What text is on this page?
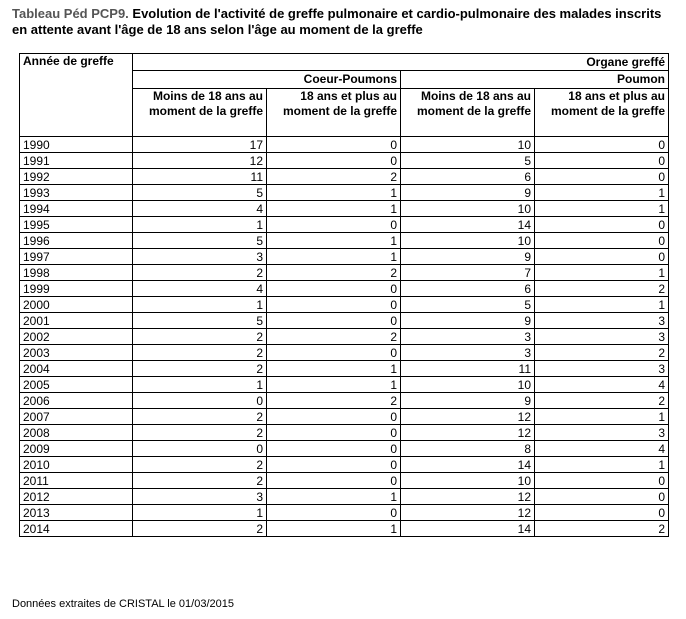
Tableau Péd PCP9. Evolution de l'activité de greffe pulmonaire et cardio-pulmonaire des malades inscrits en attente avant l'âge de 18 ans selon l'âge au moment de la greffe
Année de greffe	Organe greffé			
	Coeur-Poumons		Poumon	
	Moins de 18 ans au moment de la greffe	18 ans et plus au moment de la greffe	Moins de 18 ans au moment de la greffe	18 ans et plus au moment de la greffe
1990	17	0	10	0
1991	12	0	5	0
1992	11	2	6	0
1993	5	1	9	1
1994	4	1	10	1
1995	1	0	14	0
1996	5	1	10	0
1997	3	1	9	0
1998	2	2	7	1
1999	4	0	6	2
2000	1	0	5	1
2001	5	0	9	3
2002	2	2	3	3
2003	2	0	3	2
2004	2	1	11	3
2005	1	1	10	4
2006	0	2	9	2
2007	2	0	12	1
2008	2	0	12	3
2009	0	0	8	4
2010	2	0	14	1
2011	2	0	10	0
2012	3	1	12	0
2013	1	0	12	0
2014	2	1	14	2
Données extraites de CRISTAL le 01/03/2015
